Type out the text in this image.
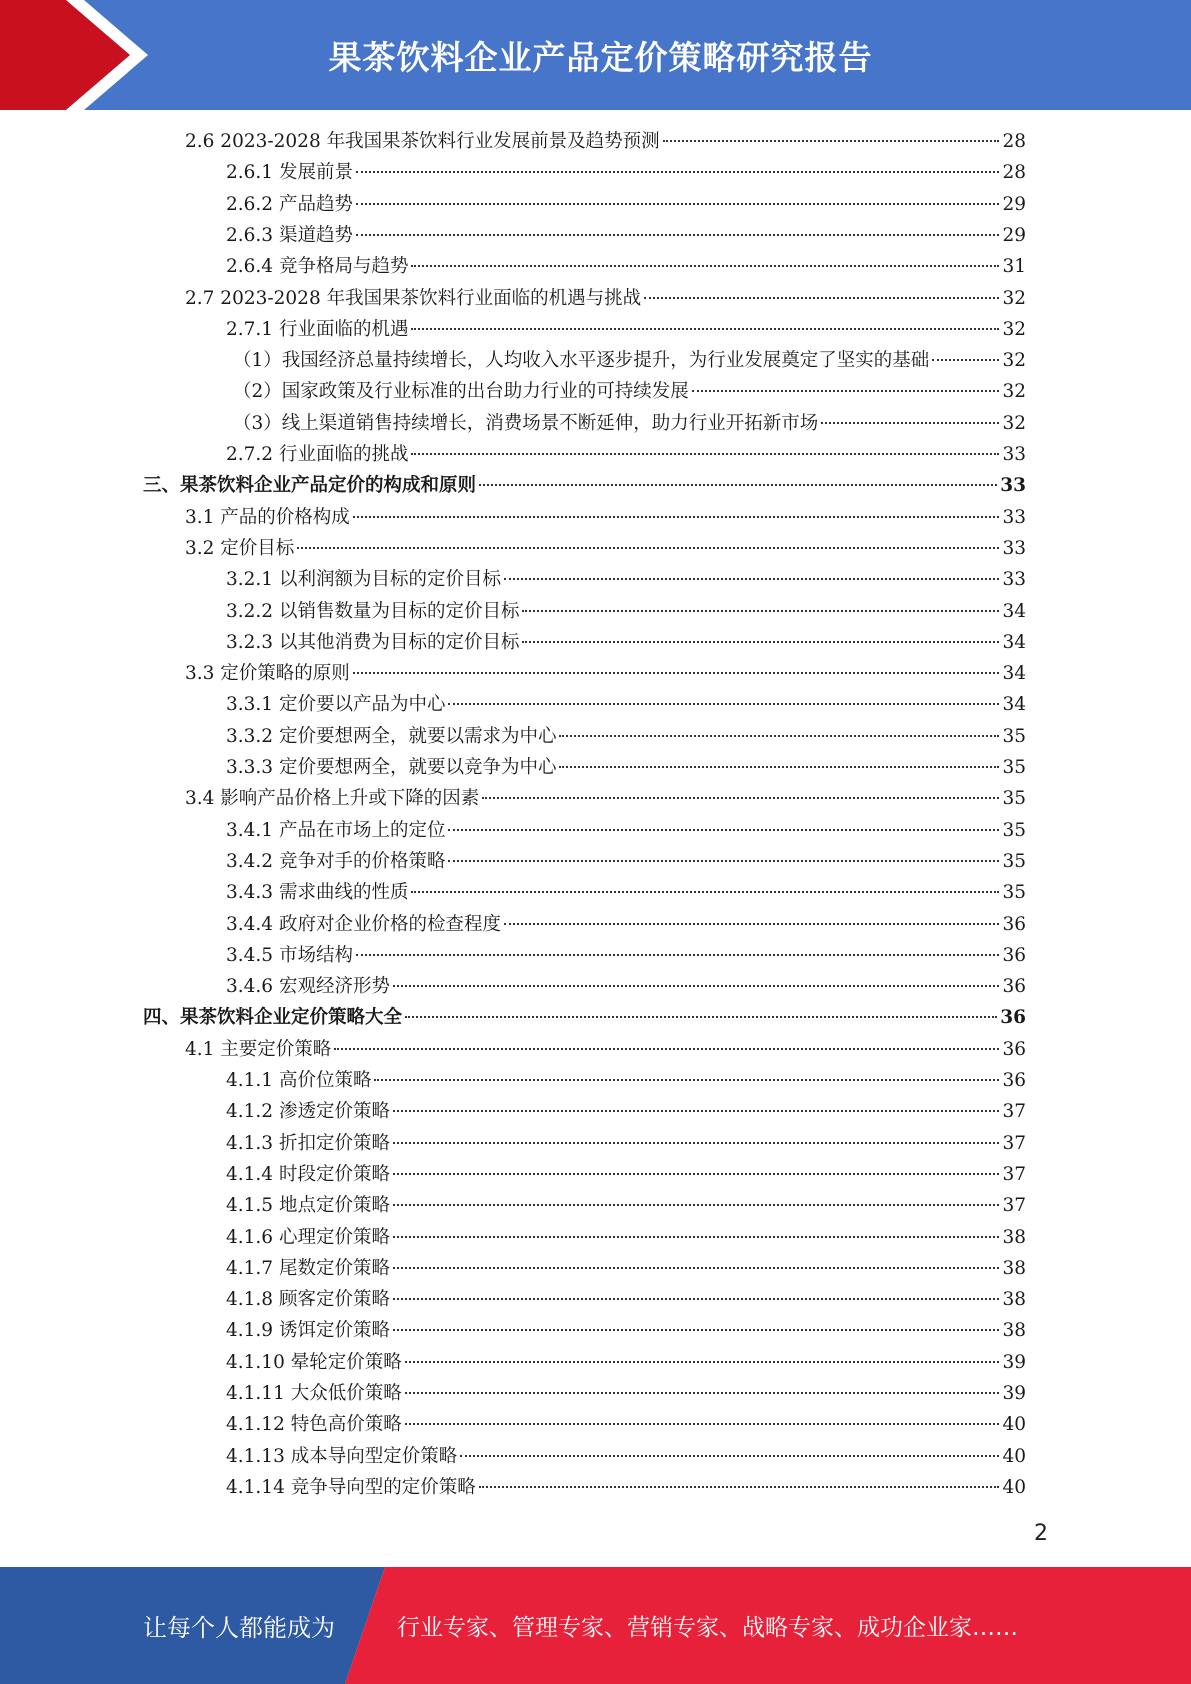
果茶饮料企业产品定价策略研究报告
2.6 2023-2028 年我国果茶饮料行业发展前景及趋势预测	28
2.6.1 发展前景	28
2.6.2 产品趋势	29
2.6.3 渠道趋势	29
2.6.4 竞争格局与趋势	31
2.7 2023-2028 年我国果茶饮料行业面临的机遇与挑战	32
2.7.1 行业面临的机遇	32
（1）我国经济总量持续增长，人均收入水平逐步提升，为行业发展奠定了坚实的基础	32
（2）国家政策及行业标准的出台助力行业的可持续发展	32
（3）线上渠道销售持续增长，消费场景不断延伸，助力行业开拓新市场	32
2.7.2 行业面临的挑战	33
三、果茶饮料企业产品定价的构成和原则	33
3.1 产品的价格构成	33
3.2 定价目标	33
3.2.1 以利润额为目标的定价目标	33
3.2.2 以销售数量为目标的定价目标	34
3.2.3 以其他消费为目标的定价目标	34
3.3 定价策略的原则	34
3.3.1 定价要以产品为中心	34
3.3.2 定价要想两全，就要以需求为中心	35
3.3.3 定价要想两全，就要以竞争为中心	35
3.4 影响产品价格上升或下降的因素	35
3.4.1 产品在市场上的定位	35
3.4.2 竞争对手的价格策略	35
3.4.3 需求曲线的性质	35
3.4.4 政府对企业价格的检查程度	36
3.4.5 市场结构	36
3.4.6 宏观经济形势	36
四、果茶饮料企业定价策略大全	36
4.1 主要定价策略	36
4.1.1 高价位策略	36
4.1.2 渗透定价策略	37
4.1.3 折扣定价策略	37
4.1.4 时段定价策略	37
4.1.5 地点定价策略	37
4.1.6 心理定价策略	38
4.1.7 尾数定价策略	38
4.1.8 顾客定价策略	38
4.1.9 诱饵定价策略	38
4.1.10 晕轮定价策略	39
4.1.11 大众低价策略	39
4.1.12 特色高价策略	40
4.1.13 成本导向型定价策略	40
4.1.14 竞争导向型的定价策略	40
2
让每个人都能成为	行业专家、管理专家、营销专家、战略专家、成功企业家……
